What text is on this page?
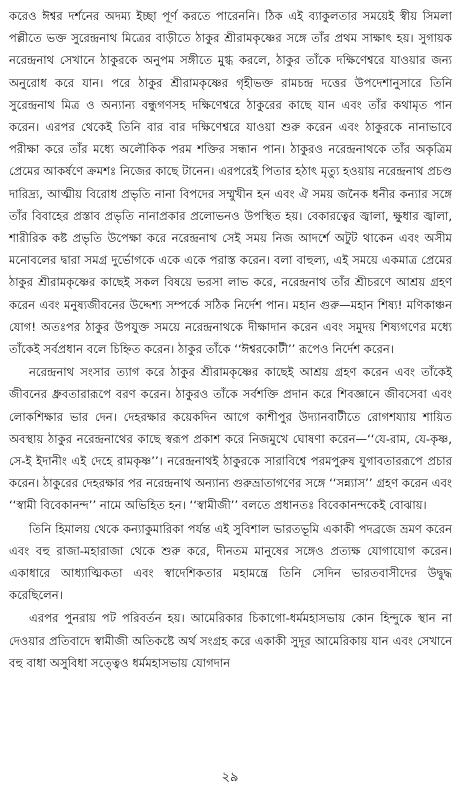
করেও ঈশ্বর দর্শনের অদম্য ইচ্ছা পূর্ণ করতে পারেননি। ঠিক এই ব্যাকুলতার সময়েই স্বীয় সিমলা পল্লীতে ভক্ত সুরেন্দ্রনাথ মিত্রের বাড়ীতে ঠাকুর শ্রীরামকৃষ্ণের সঙ্গে তাঁর প্রথম সাক্ষাৎ হয়। সুগায়ক নরেন্দ্রনাথ সেখানে ঠাকুরকে অনুপম সঙ্গীতে মুগ্ধ করলে, ঠাকুর তাঁকে দক্ষিণেশ্বরে যাওয়ার জন্য অনুরোধ করে যান। পরে ঠাকুর শ্রীরামকৃষ্ণের গৃহীভক্ত রামচন্দ্র দত্তের উপদেশানুসারে তিনি সুরেন্দ্রনাথ মিত্র ও অন্যান্য বন্ধুগণসহ দক্ষিণেশ্বরে ঠাকুরের কাছে যান এবং তাঁর কথামৃত পান করেন। এরপর থেকেই তিনি বার বার দক্ষিণেশ্বরে যাওয়া শুরু করেন এবং ঠাকুরকে নানাভাবে পরীক্ষা করে তাঁর মধ্যে অলৌকিক পরম শক্তির সন্ধান পান। ঠাকুরও নরেন্দ্রনাথকে তাঁর অকৃত্রিম প্রেমের আকর্ষণে ক্রমশঃ নিজের কাছে টানেন। এরপরেই পিতার হঠাৎ মৃত্যু হওয়ায় নরেন্দ্রনাথ প্রচণ্ড দারিদ্র্য, আত্মীয় বিরোধ প্রভৃতি নানা বিপদের সম্মুখীন হন এবং ঐ সময় জনৈক ধনীর কন্যার সঙ্গে তাঁর বিবাহের প্রস্তাব প্রভৃতি নানাপ্রকার প্রলোভনও উপস্থিত হয়। বেকারত্বের জ্বালা, ক্ষুধার জ্বালা, শারীরিক কষ্ট প্রভৃতি উপেক্ষা করে নরেন্দ্রনাথ সেই সময় নিজ আদর্শে অটুট থাকেন এবং অসীম মনোবলের দ্বারা সমগ্র দুর্ভোগকে একে একে পরাস্ত করেন। বলা বাহুল্য, এই সময়ে একমাত্র প্রেমের ঠাকুর শ্রীরামকৃষ্ণের কাছেই সকল বিষয়ে ভরসা লাভ করে, নরেন্দ্রনাথ তাঁর শ্রীচরণে আশ্রয় গ্রহণ করেন এবং মনুষ্যজীবনের উদ্দেশ্য সম্পর্কে সঠিক নির্দেশ পান। মহান গুরু—মহান শিষ্য! মণিকাঞ্চন যোগ! অতঃপর ঠাকুর উপযুক্ত সময়ে নরেন্দ্রনাথকে দীক্ষাদান করেন এবং সমুদয় শিষ্যগণের মধ্যে তাঁকেই সর্বপ্রধান বলে চিহ্নিত করেন। ঠাকুর তাঁকে ‘‘ঈশ্বরকোটী’’ রূপেও নির্দেশ করেন।

নরেন্দ্রনাথ সংসার ত্যাগ করে ঠাকুর শ্রীরামকৃষ্ণের কাছেই আশ্রয় গ্রহণ করেন এবং তাঁকেই জীবনের ধ্রুবতারারূপে বরণ করেন। ঠাকুরও তাঁকে সর্বশক্তি প্রদান করে শিবজ্ঞানে জীবসেবা এবং লোকশিক্ষার ভার দেন। দেহরক্ষার কয়েকদিন আগে কাশীপুর উদ্যানবাটীতে রোগশয্যায় শায়িত অবস্থায় ঠাকুর নরেন্দ্রনাথের কাছে স্বরূপ প্রকাশ করে নিজমুখে ঘোষণা করেন—‘‘যে-রাম, যে-কৃষ্ণ, সে-ই ইদানীং এই দেহে রামকৃষ্ণ’’। নরেন্দ্রনাথই ঠাকুরকে সারাবিশ্বে পরমপুরুষ যুগাবতাররূপে প্রচার করেন। ঠাকুরের দেহরক্ষার পর নরেন্দ্রনাথ অন্যান্য গুরুভ্রাতাগণের সঙ্গে ‘‘সন্ন্যাস’’ গ্রহণ করেন এবং ‘‘স্বামী বিবেকানন্দ’’ নামে অভিহিত হন। ‘‘স্বামীজী’’ বলতে প্রধানতঃ বিবেকানন্দকেই বোঝায়।

তিনি হিমালয় থেকে কন্যাকুমারিকা পর্যন্ত এই সুবিশাল ভারতভূমি একাকী পদব্রজে ভ্রমণ করেন এবং বহু রাজা-মহারাজা থেকে শুরু করে, দীনতম মানুষের সঙ্গেও প্রত্যক্ষ যোগাযোগ করেন। একাধারে আধ্যাত্মিকতা এবং স্বাদেশিকতার মহামন্ত্রে তিনি সেদিন ভারতবাসীদের উদ্বুদ্ধ করেছিলেন।

এরপর পুনরায় পট পরিবর্তন হয়। আমেরিকার চিকাগো-ধর্মমহাসভায় কোন হিন্দুকে স্থান না দেওয়ার প্রতিবাদে স্বামীজী অতিকষ্টে অর্থ সংগ্রহ করে একাকী সুদূর আমেরিকায় যান এবং সেখানে বহু বাধা অসুবিধা সত্ত্বেও ধর্মমহাসভায় যোগদান

২৯
